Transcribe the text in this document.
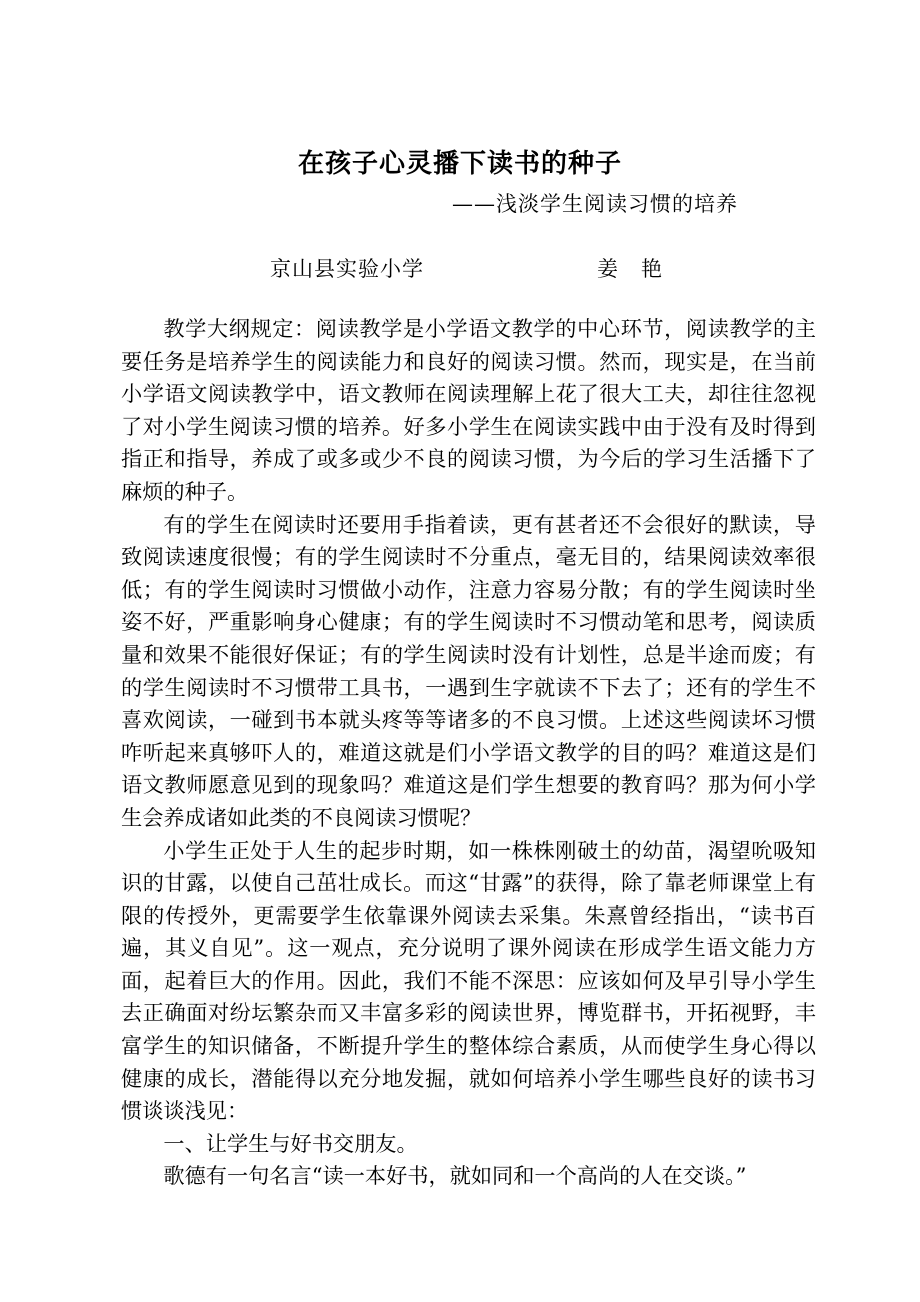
在孩子心灵播下读书的种子
——浅淡学生阅读习惯的培养
京山县实验小学	姜　艳

教学大纲规定：阅读教学是小学语文教学的中心环节，阅读教学的主要任务是培养学生的阅读能力和良好的阅读习惯。然而，现实是，在当前小学语文阅读教学中，语文教师在阅读理解上花了很大工夫，却往往忽视了对小学生阅读习惯的培养。好多小学生在阅读实践中由于没有及时得到指正和指导，养成了或多或少不良的阅读习惯，为今后的学习生活播下了麻烦的种子。

有的学生在阅读时还要用手指着读，更有甚者还不会很好的默读，导致阅读速度很慢；有的学生阅读时不分重点，毫无目的，结果阅读效率很低；有的学生阅读时习惯做小动作，注意力容易分散；有的学生阅读时坐姿不好，严重影响身心健康；有的学生阅读时不习惯动笔和思考，阅读质量和效果不能很好保证；有的学生阅读时没有计划性，总是半途而废；有的学生阅读时不习惯带工具书，一遇到生字就读不下去了；还有的学生不喜欢阅读，一碰到书本就头疼等等诸多的不良习惯。上述这些阅读坏习惯咋听起来真够吓人的，难道这就是们小学语文教学的目的吗？难道这是们语文教师愿意见到的现象吗？难道这是们学生想要的教育吗？那为何小学生会养成诸如此类的不良阅读习惯呢？

小学生正处于人生的起步时期，如一株株刚破土的幼苗，渴望吮吸知识的甘露，以使自己茁壮成长。而这“甘露”的获得，除了靠老师课堂上有限的传授外，更需要学生依靠课外阅读去采集。朱熹曾经指出，“读书百遍，其义自见”。这一观点，充分说明了课外阅读在形成学生语文能力方面，起着巨大的作用。因此，我们不能不深思：应该如何及早引导小学生去正确面对纷坛繁杂而又丰富多彩的阅读世界，博览群书，开拓视野，丰富学生的知识储备，不断提升学生的整体综合素质，从而使学生身心得以健康的成长，潜能得以充分地发掘，就如何培养小学生哪些良好的读书习惯谈谈浅见：

一、让学生与好书交朋友。

歌德有一句名言“读一本好书，就如同和一个高尚的人在交谈。”
